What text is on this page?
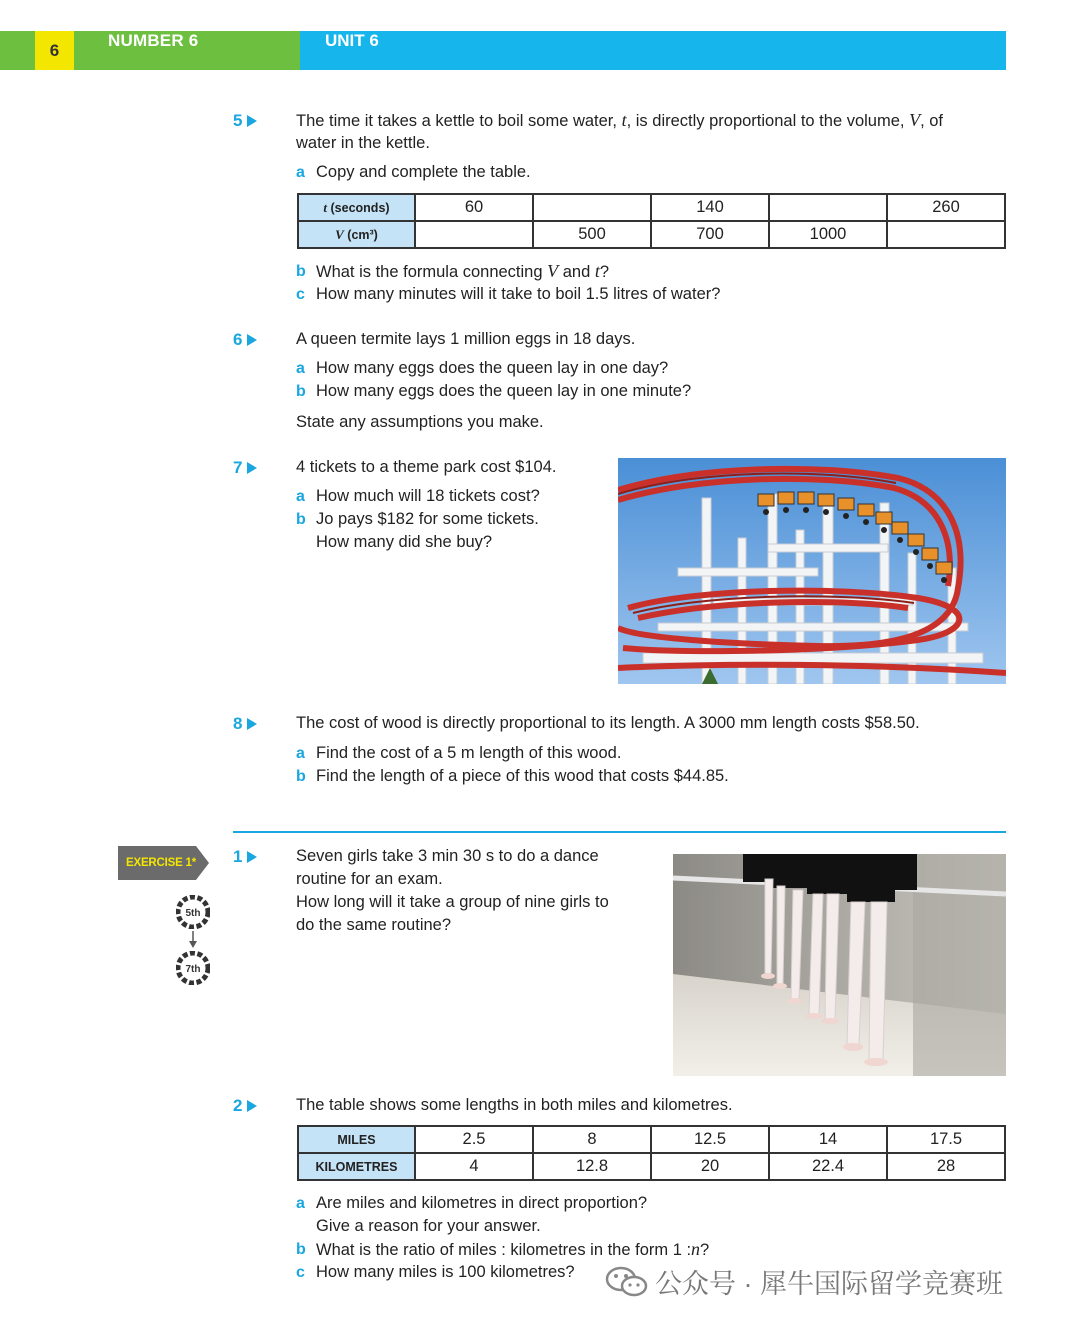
6
NUMBER 6	UNIT 6
5	The time it takes a kettle to boil some water, t, is directly proportional to the volume, V, of
water in the kettle.
a Copy and complete the table.
t (seconds)	60		140		260
V (cm³)		500	700	1000	
b What is the formula connecting V and t?
c How many minutes will it take to boil 1.5 litres of water?
6	A queen termite lays 1 million eggs in 18 days.
a How many eggs does the queen lay in one day?
b How many eggs does the queen lay in one minute?
State any assumptions you make.
7	4 tickets to a theme park cost $104.
a How much will 18 tickets cost?
b Jo pays $182 for some tickets.
How many did she buy?
8	The cost of wood is directly proportional to its length. A 3000 mm length costs $58.50.
a Find the cost of a 5 m length of this wood.
b Find the length of a piece of this wood that costs $44.85.
EXERCISE 1*
5th
7th
1	Seven girls take 3 min 30 s to do a dance
routine for an exam.
How long will it take a group of nine girls to
do the same routine?
2	The table shows some lengths in both miles and kilometres.
MILES	2.5	8	12.5	14	17.5
KILOMETRES	4	12.8	20	22.4	28
a Are miles and kilometres in direct proportion?
Give a reason for your answer.
b What is the ratio of miles : kilometres in the form 1 :n?
c How many miles is 100 kilometres?	公众号 · 犀牛国际留学竞赛班
